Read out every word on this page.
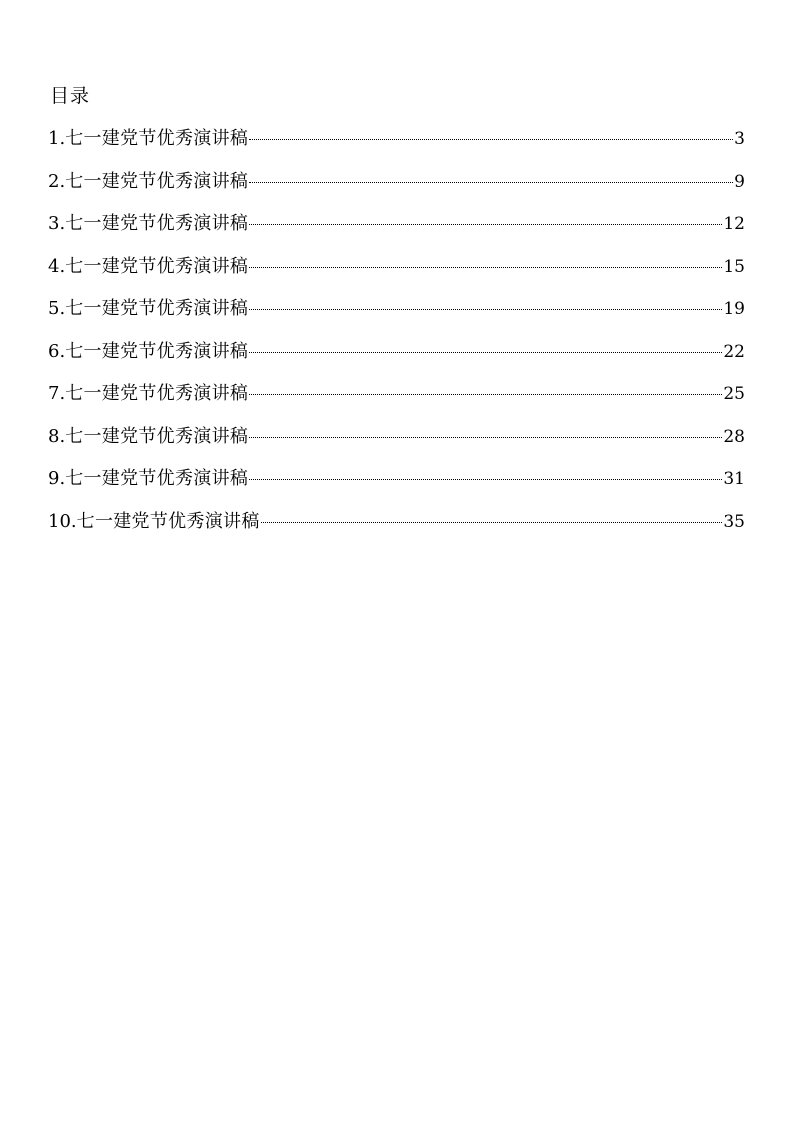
目录
1. 七一建党节优秀演讲稿	3
2. 七一建党节优秀演讲稿	9
3. 七一建党节优秀演讲稿	12
4. 七一建党节优秀演讲稿	15
5. 七一建党节优秀演讲稿	19
6. 七一建党节优秀演讲稿	22
7. 七一建党节优秀演讲稿	25
8. 七一建党节优秀演讲稿	28
9. 七一建党节优秀演讲稿	31
10. 七一建党节优秀演讲稿	35
